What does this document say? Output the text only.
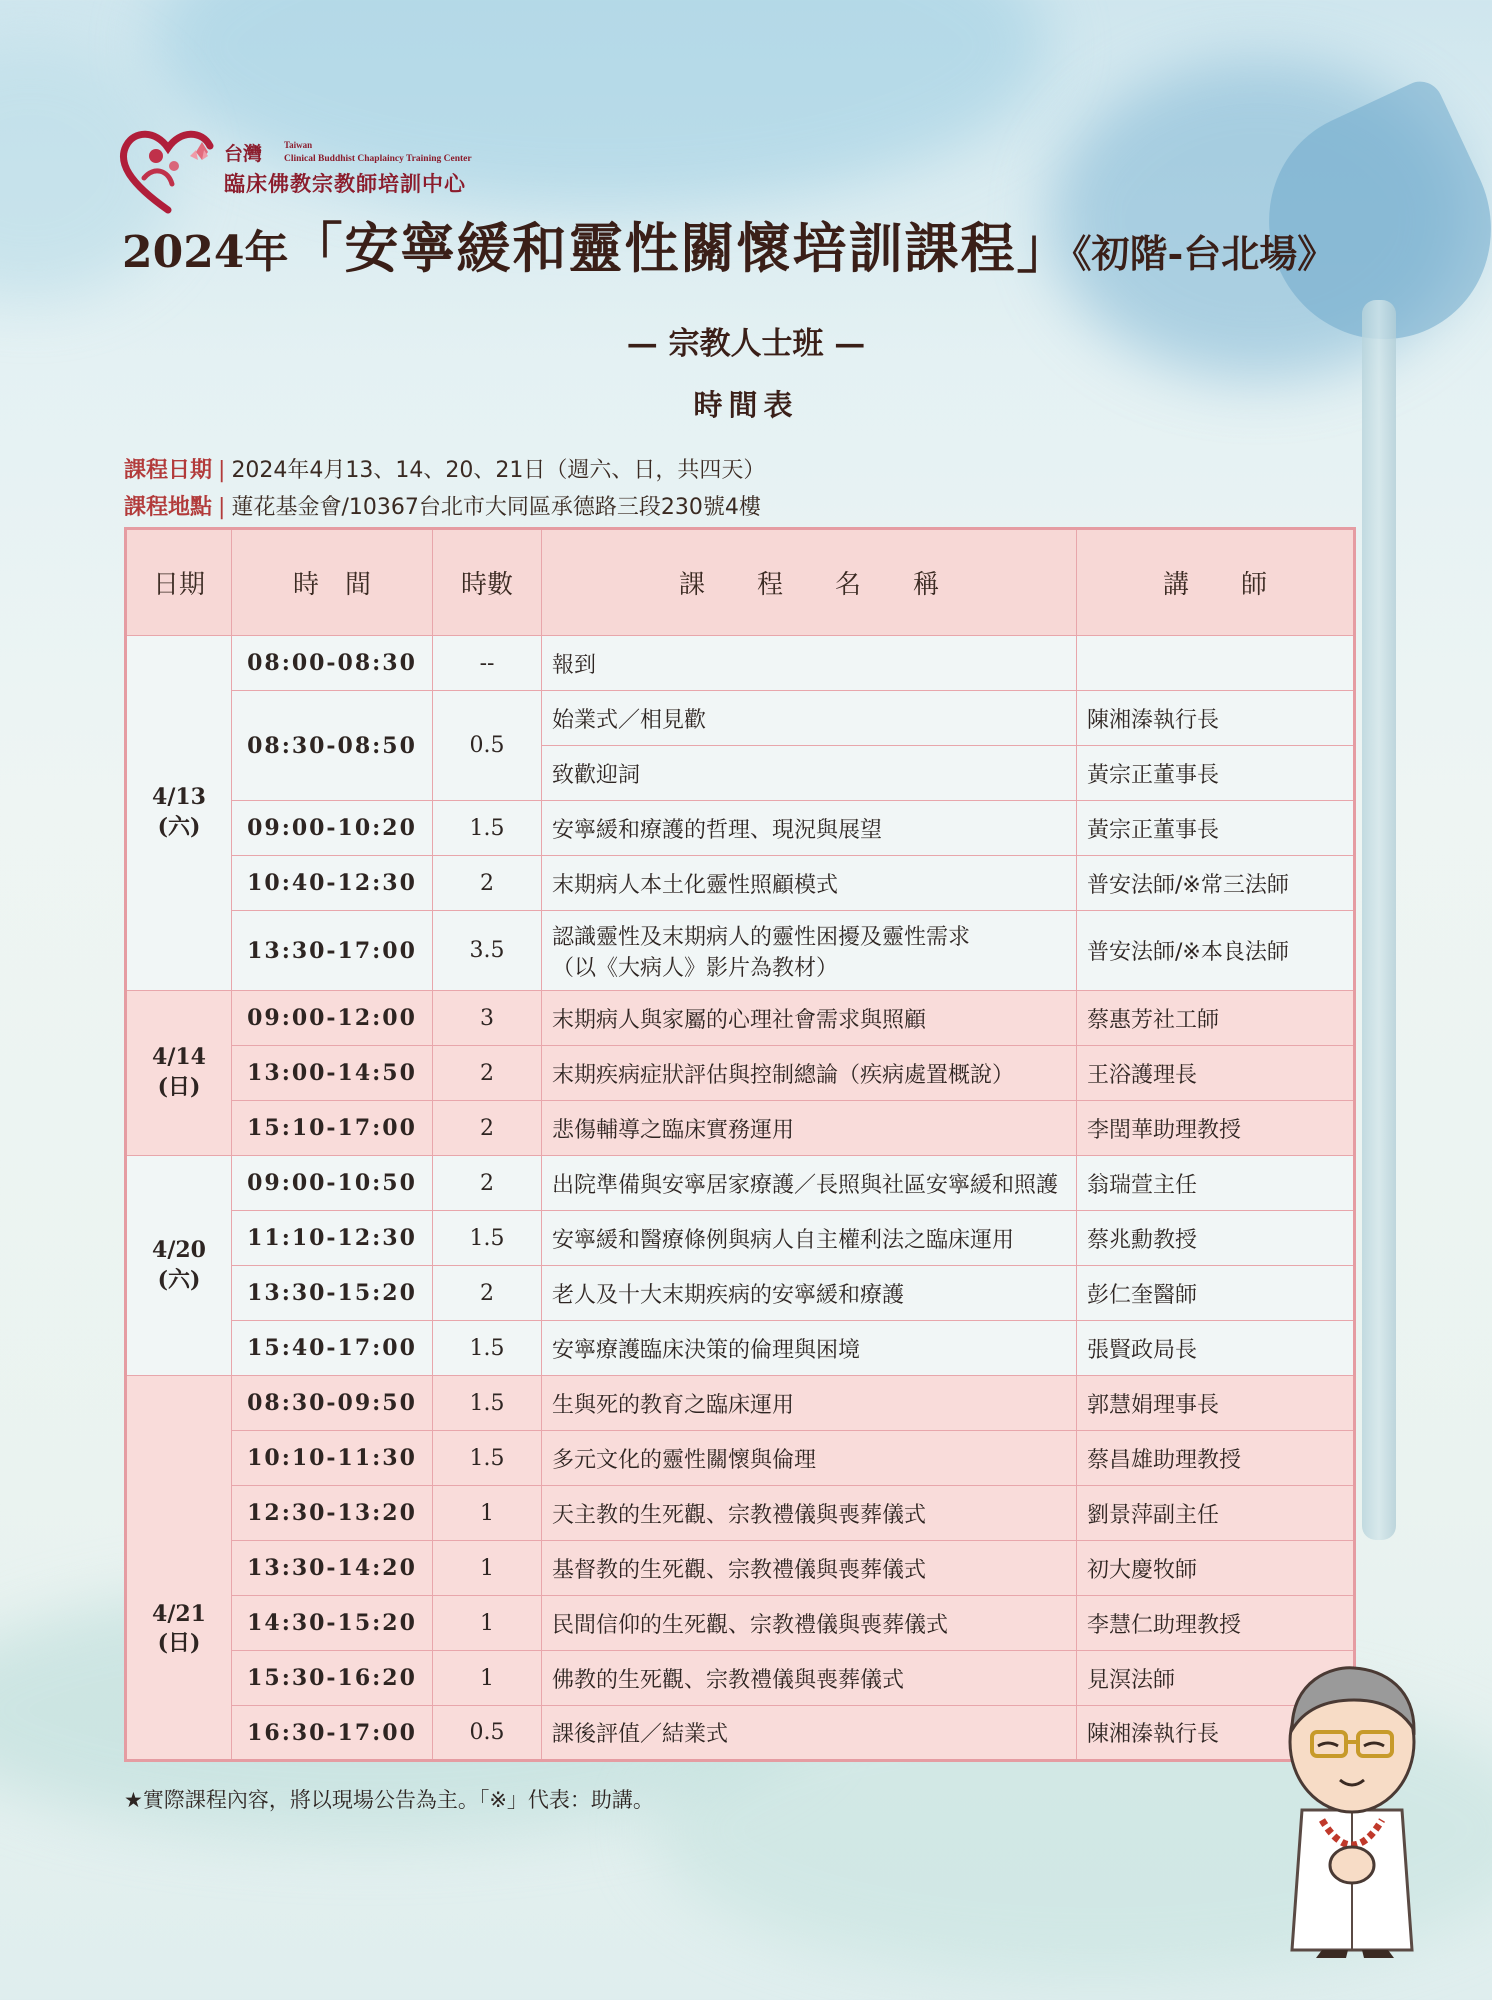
台灣 Taiwan
Clinical Buddhist Chaplaincy Training Center
臨床佛教宗教師培訓中心
2024年「安寧緩和靈性關懷培訓課程」《初階-台北場》
— 宗教人士班 —
時間表
課程日期 | 2024年4月13、14、20、21日（週六、日，共四天）
課程地點 | 蓮花基金會/10367台北市大同區承德路三段230號4樓
日期	時　間	時數	課　　程　　名　　稱	講　　師
4/13
(六)	08:00-08:30	--	報到	
	08:30-08:50	0.5	始業式／相見歡	陳湘溱執行長
			致歡迎詞	黃宗正董事長
	09:00-10:20	1.5	安寧緩和療護的哲理、現況與展望	黃宗正董事長
	10:40-12:30	2	末期病人本土化靈性照顧模式	普安法師/※常三法師
	13:30-17:00	3.5	認識靈性及末期病人的靈性困擾及靈性需求
（以《大病人》影片為教材）	普安法師/※本良法師
4/14
(日)	09:00-12:00	3	末期病人與家屬的心理社會需求與照顧	蔡惠芳社工師
	13:00-14:50	2	末期疾病症狀評估與控制總論（疾病處置概說）	王浴護理長
	15:10-17:00	2	悲傷輔導之臨床實務運用	李閏華助理教授
4/20
(六)	09:00-10:50	2	出院準備與安寧居家療護／長照與社區安寧緩和照護	翁瑞萱主任
	11:10-12:30	1.5	安寧緩和醫療條例與病人自主權利法之臨床運用	蔡兆勳教授
	13:30-15:20	2	老人及十大末期疾病的安寧緩和療護	彭仁奎醫師
	15:40-17:00	1.5	安寧療護臨床決策的倫理與困境	張賢政局長
4/21
(日)	08:30-09:50	1.5	生與死的教育之臨床運用	郭慧娟理事長
	10:10-11:30	1.5	多元文化的靈性關懷與倫理	蔡昌雄助理教授
	12:30-13:20	1	天主教的生死觀、宗教禮儀與喪葬儀式	劉景萍副主任
	13:30-14:20	1	基督教的生死觀、宗教禮儀與喪葬儀式	初大慶牧師
	14:30-15:20	1	民間信仰的生死觀、宗教禮儀與喪葬儀式	李慧仁助理教授
	15:30-16:20	1	佛教的生死觀、宗教禮儀與喪葬儀式	見溟法師
	16:30-17:00	0.5	課後評值／結業式	陳湘溱執行長
★實際課程內容，將以現場公告為主。「※」代表：助講。
